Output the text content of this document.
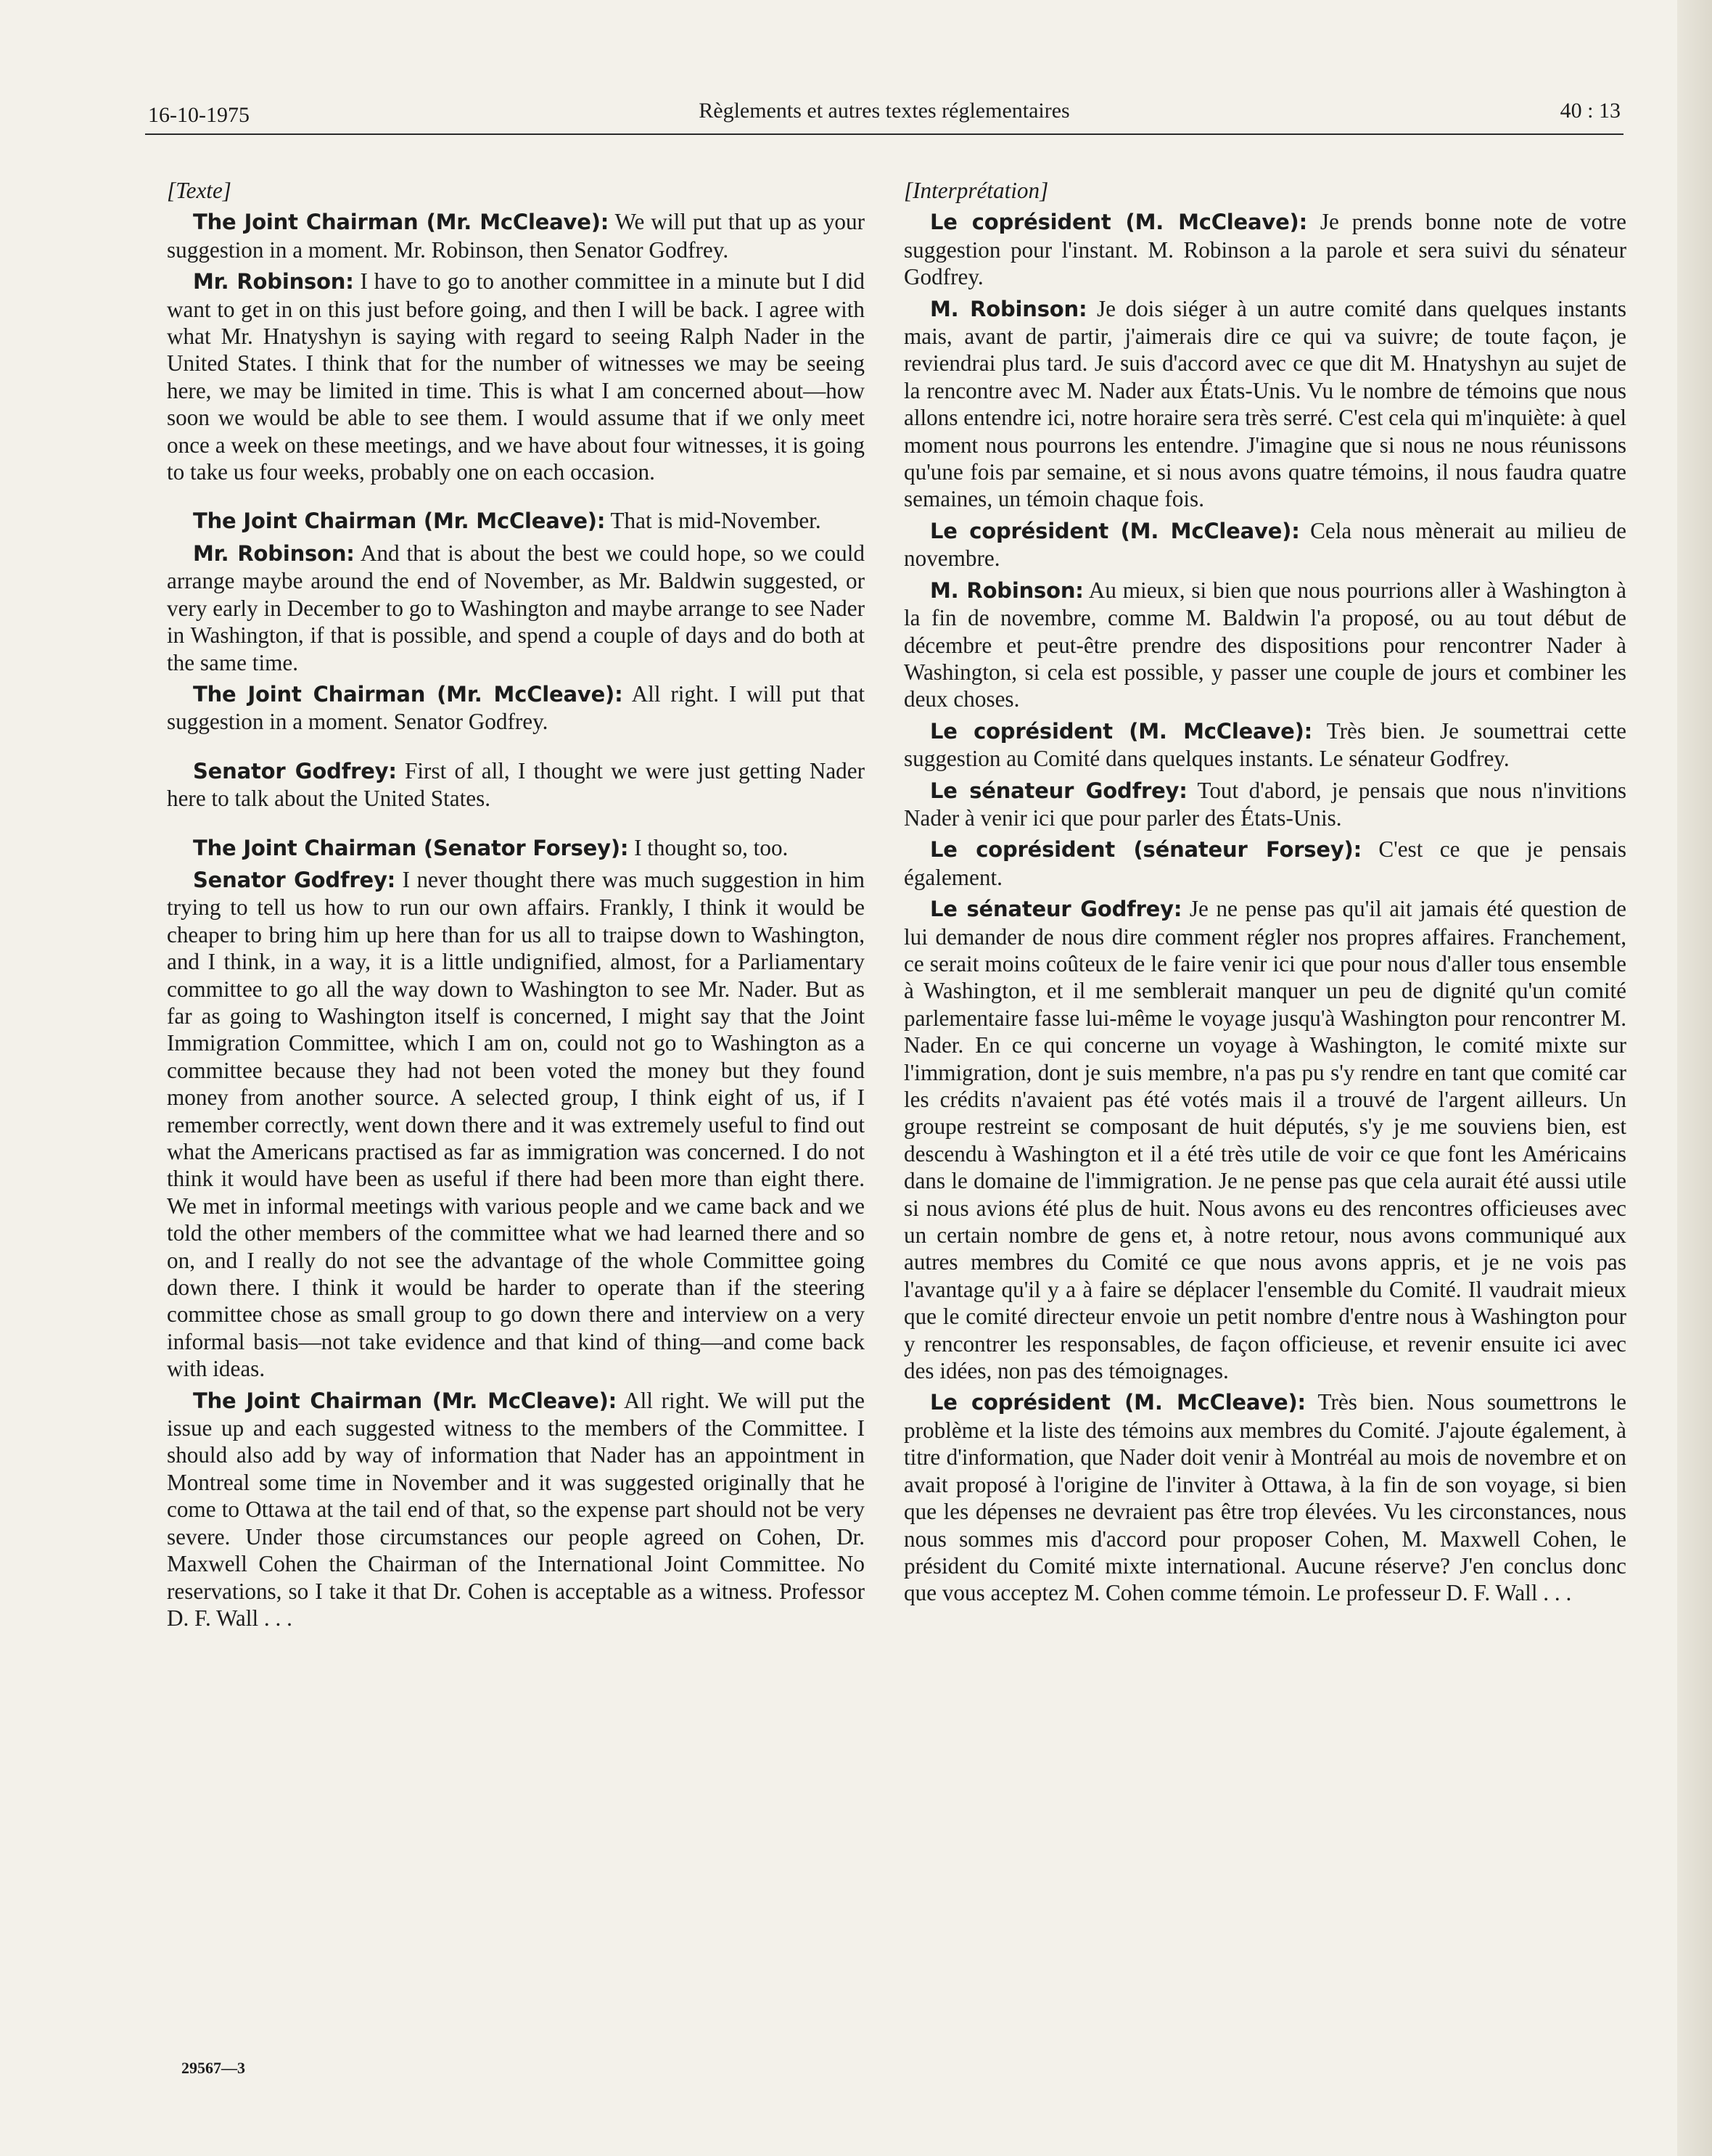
16-10-1975	Règlements et autres textes réglementaires	40 : 13
[Texte]

The Joint Chairman (Mr. McCleave): We will put that up as your suggestion in a moment. Mr. Robinson, then Senator Godfrey.

Mr. Robinson: I have to go to another committee in a minute but I did want to get in on this just before going, and then I will be back. I agree with what Mr. Hnatyshyn is saying with regard to seeing Ralph Nader in the United States. I think that for the number of witnesses we may be seeing here, we may be limited in time. This is what I am concerned about—how soon we would be able to see them. I would assume that if we only meet once a week on these meetings, and we have about four witnesses, it is going to take us four weeks, probably one on each occasion.

The Joint Chairman (Mr. McCleave): That is mid-November.

Mr. Robinson: And that is about the best we could hope, so we could arrange maybe around the end of November, as Mr. Baldwin suggested, or very early in December to go to Washington and maybe arrange to see Nader in Washington, if that is possible, and spend a couple of days and do both at the same time.

The Joint Chairman (Mr. McCleave): All right. I will put that suggestion in a moment. Senator Godfrey.

Senator Godfrey: First of all, I thought we were just getting Nader here to talk about the United States.

The Joint Chairman (Senator Forsey): I thought so, too.

Senator Godfrey: I never thought there was much suggestion in him trying to tell us how to run our own affairs. Frankly, I think it would be cheaper to bring him up here than for us all to traipse down to Washington, and I think, in a way, it is a little undignified, almost, for a Parliamentary committee to go all the way down to Washington to see Mr. Nader. But as far as going to Washington itself is concerned, I might say that the Joint Immigration Committee, which I am on, could not go to Washington as a committee because they had not been voted the money but they found money from another source. A selected group, I think eight of us, if I remember correctly, went down there and it was extremely useful to find out what the Americans practised as far as immigration was concerned. I do not think it would have been as useful if there had been more than eight there. We met in informal meetings with various people and we came back and we told the other members of the committee what we had learned there and so on, and I really do not see the advantage of the whole Committee going down there. I think it would be harder to operate than if the steering committee chose as small group to go down there and interview on a very informal basis—not take evidence and that kind of thing—and come back with ideas.

The Joint Chairman (Mr. McCleave): All right. We will put the issue up and each suggested witness to the members of the Committee. I should also add by way of information that Nader has an appointment in Montreal some time in November and it was suggested originally that he come to Ottawa at the tail end of that, so the expense part should not be very severe. Under those circumstances our people agreed on Cohen, Dr. Maxwell Cohen the Chairman of the International Joint Committee. No reservations, so I take it that Dr. Cohen is acceptable as a witness. Professor D. F. Wall . . .

[Interprétation]

Le coprésident (M. McCleave): Je prends bonne note de votre suggestion pour l'instant. M. Robinson a la parole et sera suivi du sénateur Godfrey.

M. Robinson: Je dois siéger à un autre comité dans quelques instants mais, avant de partir, j'aimerais dire ce qui va suivre; de toute façon, je reviendrai plus tard. Je suis d'accord avec ce que dit M. Hnatyshyn au sujet de la rencontre avec M. Nader aux États-Unis. Vu le nombre de témoins que nous allons entendre ici, notre horaire sera très serré. C'est cela qui m'inquiète: à quel moment nous pourrons les entendre. J'imagine que si nous ne nous réunissons qu'une fois par semaine, et si nous avons quatre témoins, il nous faudra quatre semaines, un témoin chaque fois.

Le coprésident (M. McCleave): Cela nous mènerait au milieu de novembre.

M. Robinson: Au mieux, si bien que nous pourrions aller à Washington à la fin de novembre, comme M. Baldwin l'a proposé, ou au tout début de décembre et peut-être prendre des dispositions pour rencontrer Nader à Washington, si cela est possible, y passer une couple de jours et combiner les deux choses.

Le coprésident (M. McCleave): Très bien. Je soumettrai cette suggestion au Comité dans quelques instants. Le sénateur Godfrey.

Le sénateur Godfrey: Tout d'abord, je pensais que nous n'invitions Nader à venir ici que pour parler des États-Unis.

Le coprésident (sénateur Forsey): C'est ce que je pensais également.

Le sénateur Godfrey: Je ne pense pas qu'il ait jamais été question de lui demander de nous dire comment régler nos propres affaires. Franchement, ce serait moins coûteux de le faire venir ici que pour nous d'aller tous ensemble à Washington, et il me semblerait manquer un peu de dignité qu'un comité parlementaire fasse lui-même le voyage jusqu'à Washington pour rencontrer M. Nader. En ce qui concerne un voyage à Washington, le comité mixte sur l'immigration, dont je suis membre, n'a pas pu s'y rendre en tant que comité car les crédits n'avaient pas été votés mais il a trouvé de l'argent ailleurs. Un groupe restreint se composant de huit députés, s'y je me souviens bien, est descendu à Washington et il a été très utile de voir ce que font les Américains dans le domaine de l'immigration. Je ne pense pas que cela aurait été aussi utile si nous avions été plus de huit. Nous avons eu des rencontres officieuses avec un certain nombre de gens et, à notre retour, nous avons communiqué aux autres membres du Comité ce que nous avons appris, et je ne vois pas l'avantage qu'il y a à faire se déplacer l'ensemble du Comité. Il vaudrait mieux que le comité directeur envoie un petit nombre d'entre nous à Washington pour y rencontrer les responsables, de façon officieuse, et revenir ensuite ici avec des idées, non pas des témoignages.

Le coprésident (M. McCleave): Très bien. Nous soumettrons le problème et la liste des témoins aux membres du Comité. J'ajoute également, à titre d'information, que Nader doit venir à Montréal au mois de novembre et on avait proposé à l'origine de l'inviter à Ottawa, à la fin de son voyage, si bien que les dépenses ne devraient pas être trop élevées. Vu les circonstances, nous nous sommes mis d'accord pour proposer Cohen, M. Maxwell Cohen, le président du Comité mixte international. Aucune réserve? J'en conclus donc que vous acceptez M. Cohen comme témoin. Le professeur D. F. Wall . . .

29567—3
